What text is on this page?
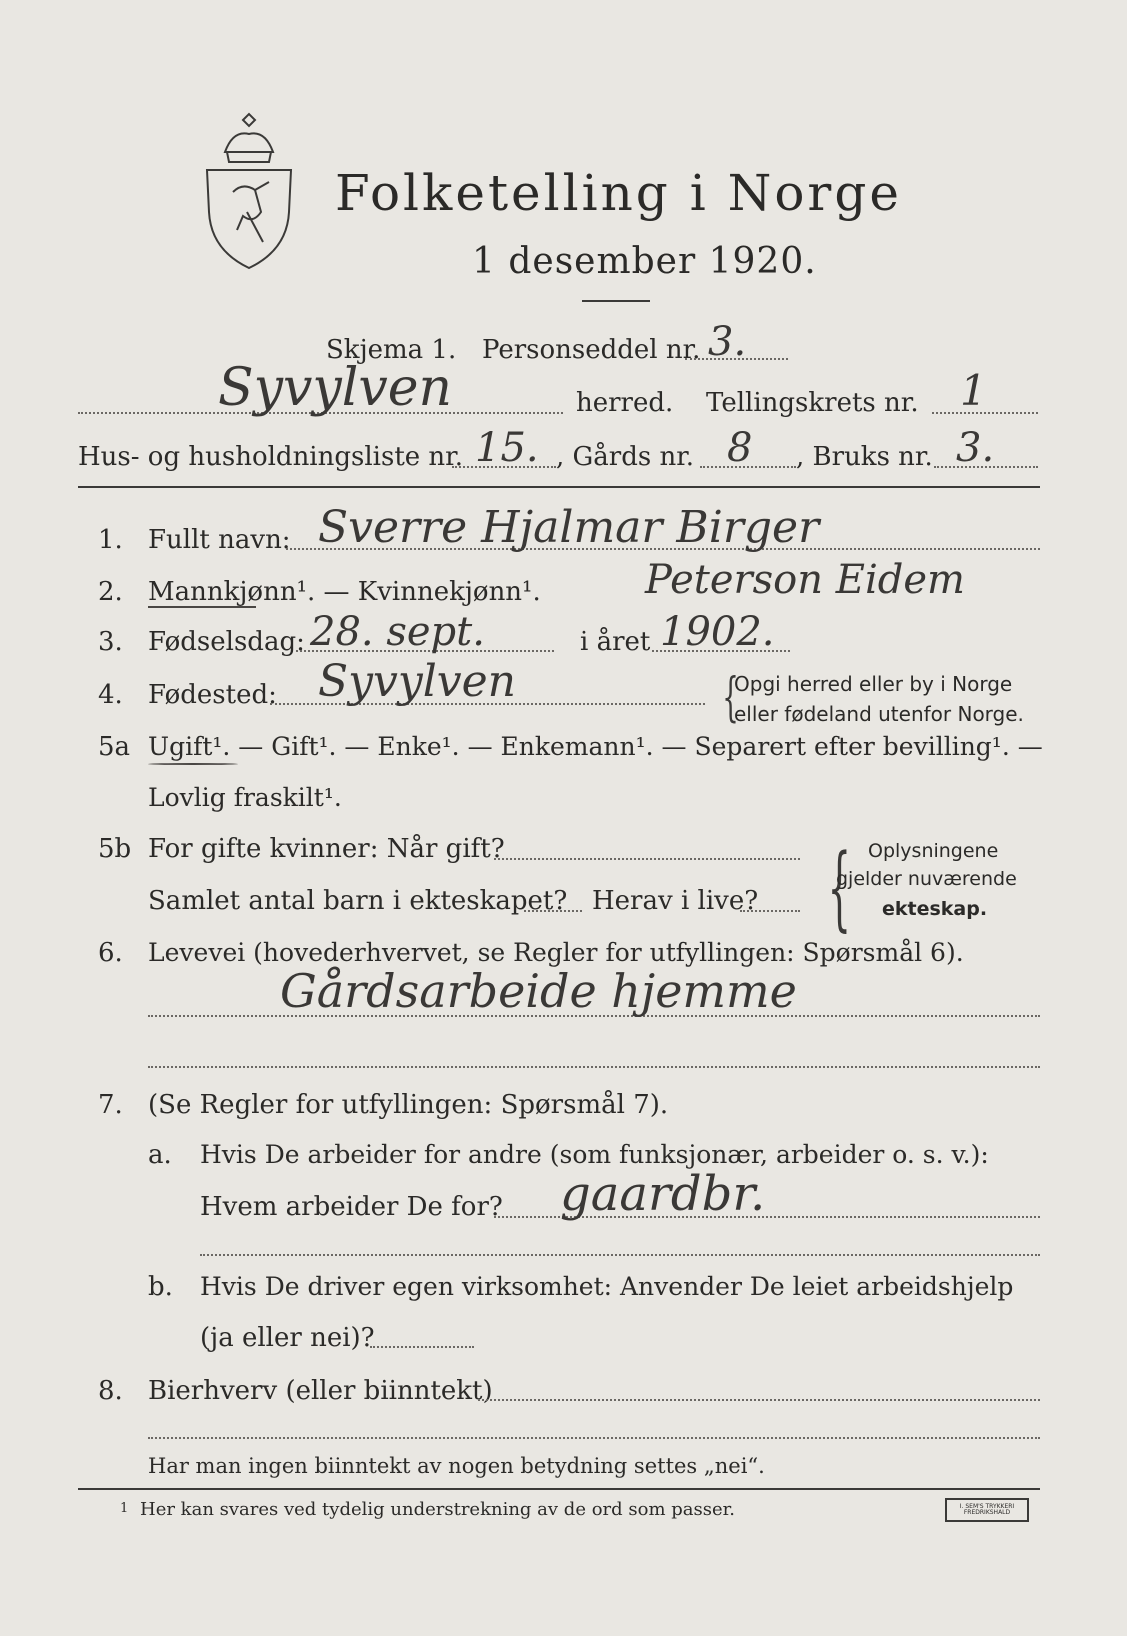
Folketelling i Norge
1 desember 1920.
Skjema 1. Personseddel nr. 3.
Syvylven	herred. Tellingskrets nr. 1
Hus- og husholdningsliste nr. 15. , Gårds nr. 8 , Bruks nr. 3.
1. Fullt navn: Sverre Hjalmar Birger
2. Mannkjønn¹. — Kvinnekjønn¹.	Peterson Eidem
3. Fødselsdag: 28. sept.	i året 1902.
4. Fødested: Syvylven	{
Opgi herred eller by i Norge
eller fødeland utenfor Norge.
5a Ugift¹. — Gift¹. — Enke¹. — Enkemann¹. — Separert efter bevilling¹. —
Lovlig fraskilt¹.
5b For gifte kvinner: Når gift?
Samlet antal barn i ekteskapet? Herav i live? { Oplysningene
gjelder nuværende
ekteskap.
6. Levevei (hovederhvervet, se Regler for utfyllingen: Spørsmål 6).
Gårdsarbeide hjemme
7. (Se Regler for utfyllingen: Spørsmål 7).
a. Hvis De arbeider for andre (som funksjonær, arbeider o. s. v.):
Hvem arbeider De for? gaardbr.
b. Hvis De driver egen virksomhet: Anvender De leiet arbeidshjelp
(ja eller nei)?
8. Bierhverv (eller biinntekt)
Har man ingen biinntekt av nogen betydning settes „nei“.
1 Her kan svares ved tydelig understrekning av de ord som passer.	I. SEM'S TRYKKERI FREDRIKSHALD
